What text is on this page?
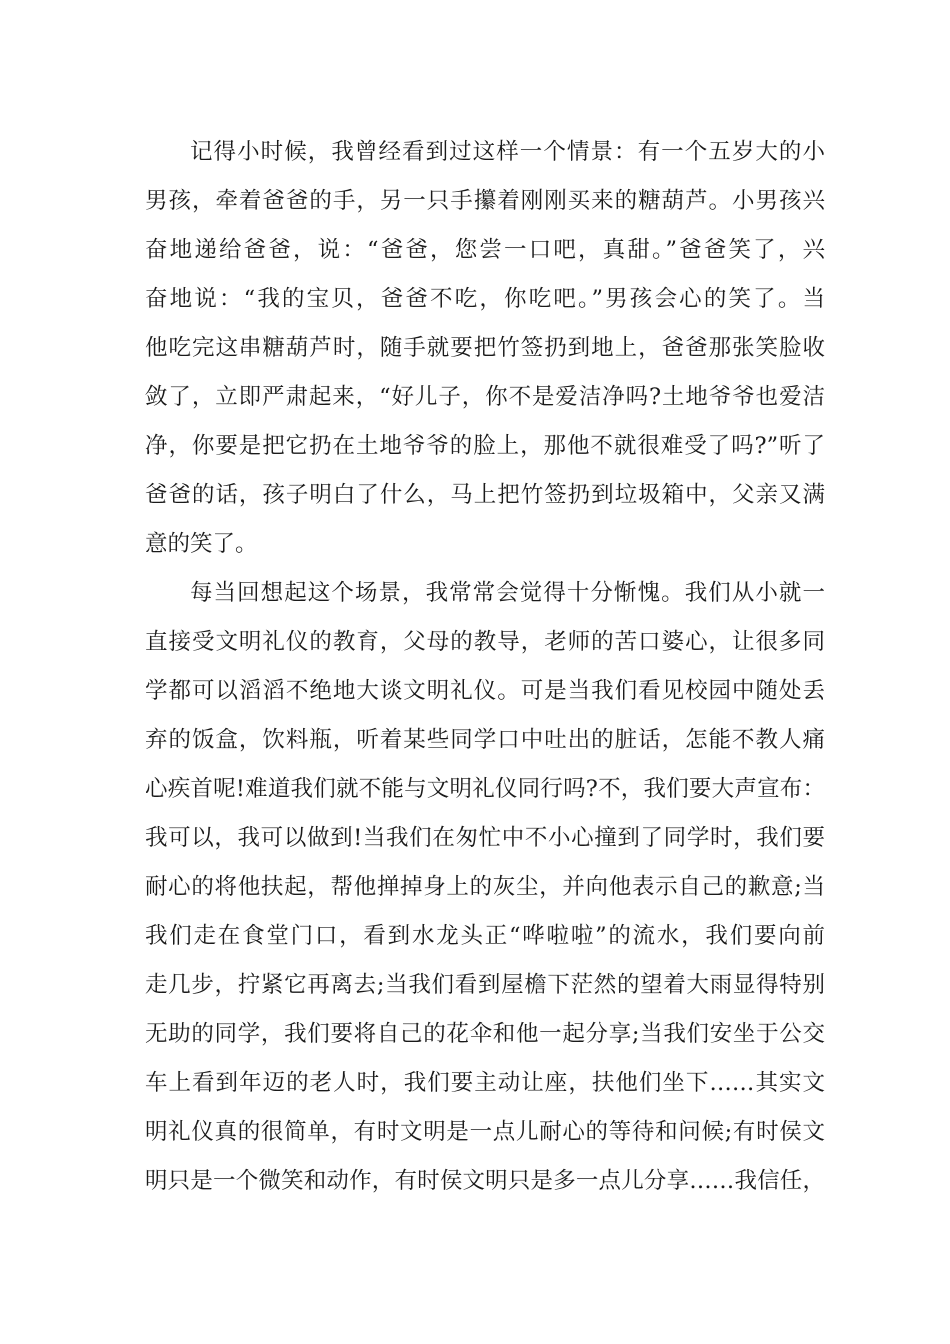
记得小时候，我曾经看到过这样一个情景：有一个五岁大的小
男孩，牵着爸爸的手，另一只手攥着刚刚买来的糖葫芦。小男孩兴
奋地递给爸爸，说：“爸爸，您尝一口吧，真甜。”爸爸笑了，兴
奋地说：“我的宝贝，爸爸不吃，你吃吧。”男孩会心的笑了。当
他吃完这串糖葫芦时，随手就要把竹签扔到地上，爸爸那张笑脸收
敛了，立即严肃起来，“好儿子，你不是爱洁净吗?土地爷爷也爱洁
净，你要是把它扔在土地爷爷的脸上，那他不就很难受了吗?”听了
爸爸的话，孩子明白了什么，马上把竹签扔到垃圾箱中，父亲又满
意的笑了。
每当回想起这个场景，我常常会觉得十分惭愧。我们从小就一
直接受文明礼仪的教育，父母的教导，老师的苦口婆心，让很多同
学都可以滔滔不绝地大谈文明礼仪。可是当我们看见校园中随处丢
弃的饭盒，饮料瓶，听着某些同学口中吐出的脏话，怎能不教人痛
心疾首呢!难道我们就不能与文明礼仪同行吗?不，我们要大声宣布：
我可以，我可以做到!当我们在匆忙中不小心撞到了同学时，我们要
耐心的将他扶起，帮他掸掉身上的灰尘，并向他表示自己的歉意;当
我们走在食堂门口，看到水龙头正“哗啦啦”的流水，我们要向前
走几步，拧紧它再离去;当我们看到屋檐下茫然的望着大雨显得特别
无助的同学，我们要将自己的花伞和他一起分享;当我们安坐于公交
车上看到年迈的老人时，我们要主动让座，扶他们坐下……其实文
明礼仪真的很简单，有时文明是一点儿耐心的等待和问候;有时侯文
明只是一个微笑和动作，有时侯文明只是多一点儿分享……我信任，
